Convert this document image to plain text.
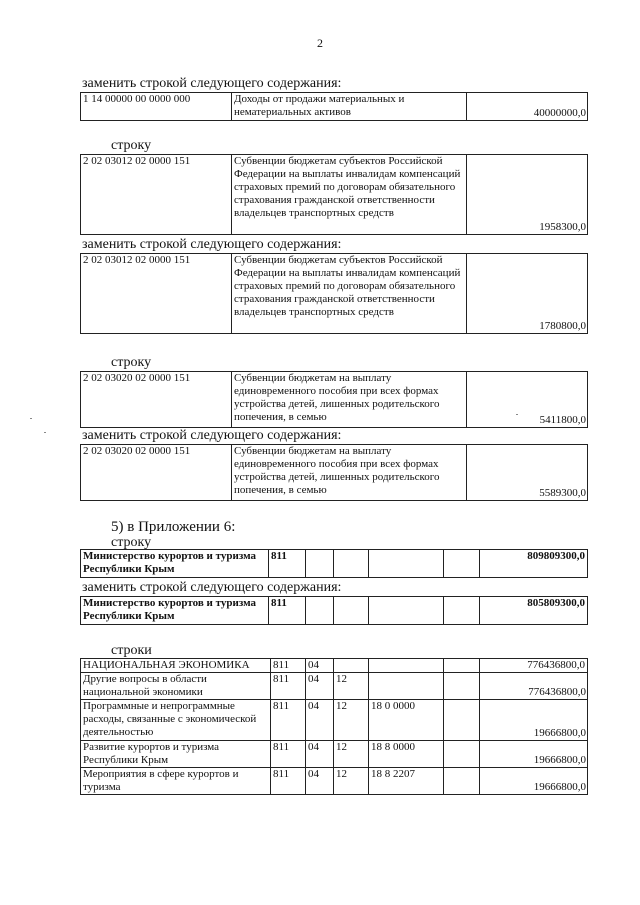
2
заменить строкой следующего содержания:
1 14 00000 00 0000 000	Доходы от продажи материальных и нематериальных активов	40000000,0
строку
2 02 03012 02 0000 151	Субвенции бюджетам субъектов Российской Федерации на выплаты инвалидам компенсаций страховых премий по договорам обязательного страхования гражданской ответственности владельцев транспортных средств	1958300,0
заменить строкой следующего содержания:
2 02 03012 02 0000 151	Субвенции бюджетам субъектов Российской Федерации на выплаты инвалидам компенсаций страховых премий по договорам обязательного страхования гражданской ответственности владельцев транспортных средств	1780800,0
строку
2 02 03020 02 0000 151	Субвенции бюджетам на выплату единовременного пособия при всех формах устройства детей, лишенных родительского попечения, в семью	5411800,0
заменить строкой следующего содержания:
2 02 03020 02 0000 151	Субвенции бюджетам на выплату единовременного пособия при всех формах устройства детей, лишенных родительского попечения, в семью	5589300,0
5) в Приложении 6:
строку
Министерство курортов и туризма Республики Крым	811					809809300,0
заменить строкой следующего содержания:
Министерство курортов и туризма Республики Крым	811					805809300,0
строки
НАЦИОНАЛЬНАЯ ЭКОНОМИКА	811	04				776436800,0
Другие вопросы в области национальной экономики	811	04	12			776436800,0
Программные и непрограммные расходы, связанные с экономической деятельностью	811	04	12	18 0 0000		19666800,0
Развитие курортов и туризма Республики Крым	811	04	12	18 8 0000		19666800,0
Мероприятия в сфере курортов и туризма	811	04	12	18 8 2207		19666800,0
